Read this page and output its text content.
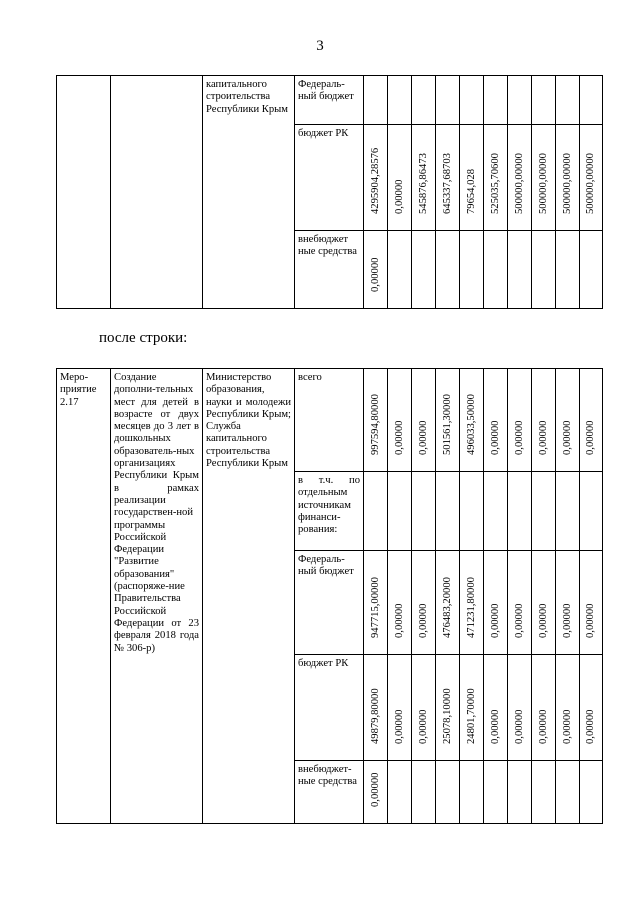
3
		капитального строительства Республики Крым	Федераль-ный бюджет	

			бюджет РК	4295904,28576	0,00000	545876,86473	645337,68703	79654,028	525035,70600	500000,00000	500000,00000	500000,00000	500000,00000

			внебюджет ные средства	0,00000									

после строки:
Меро-приятие 2.17	Создание дополни-тельных мест для детей в возрасте от двух месяцев до 3 лет в дошкольных образователь-ных организациях Республики Крым в рамках реализации государствен-ной программы Российской Федерации "Развитие образования" (распоряже-ние Правительства Российской Федерации от 23 февраля 2018 года № 306-р)	Министерство образования, науки и молодежи Республики Крым; Служба капитального строительства Республики Крым	всего	997594,80000	0,00000	0,00000	501561,30000	496033,50000	0,00000	0,00000	0,00000	0,00000	0,00000

			в т.ч. по отдельным источникам финанси-рования:										
			Федераль-ный бюджет	947715,00000	0,00000	0,00000	476483,20000	471231,80000	0,00000	0,00000	0,00000	0,00000	0,00000

			бюджет РК	49879,80000	0,00000	0,00000	25078,10000	24801,70000	0,00000	0,00000	0,00000	0,00000	0,00000

			внебюджет-ные средства	0,00000									
